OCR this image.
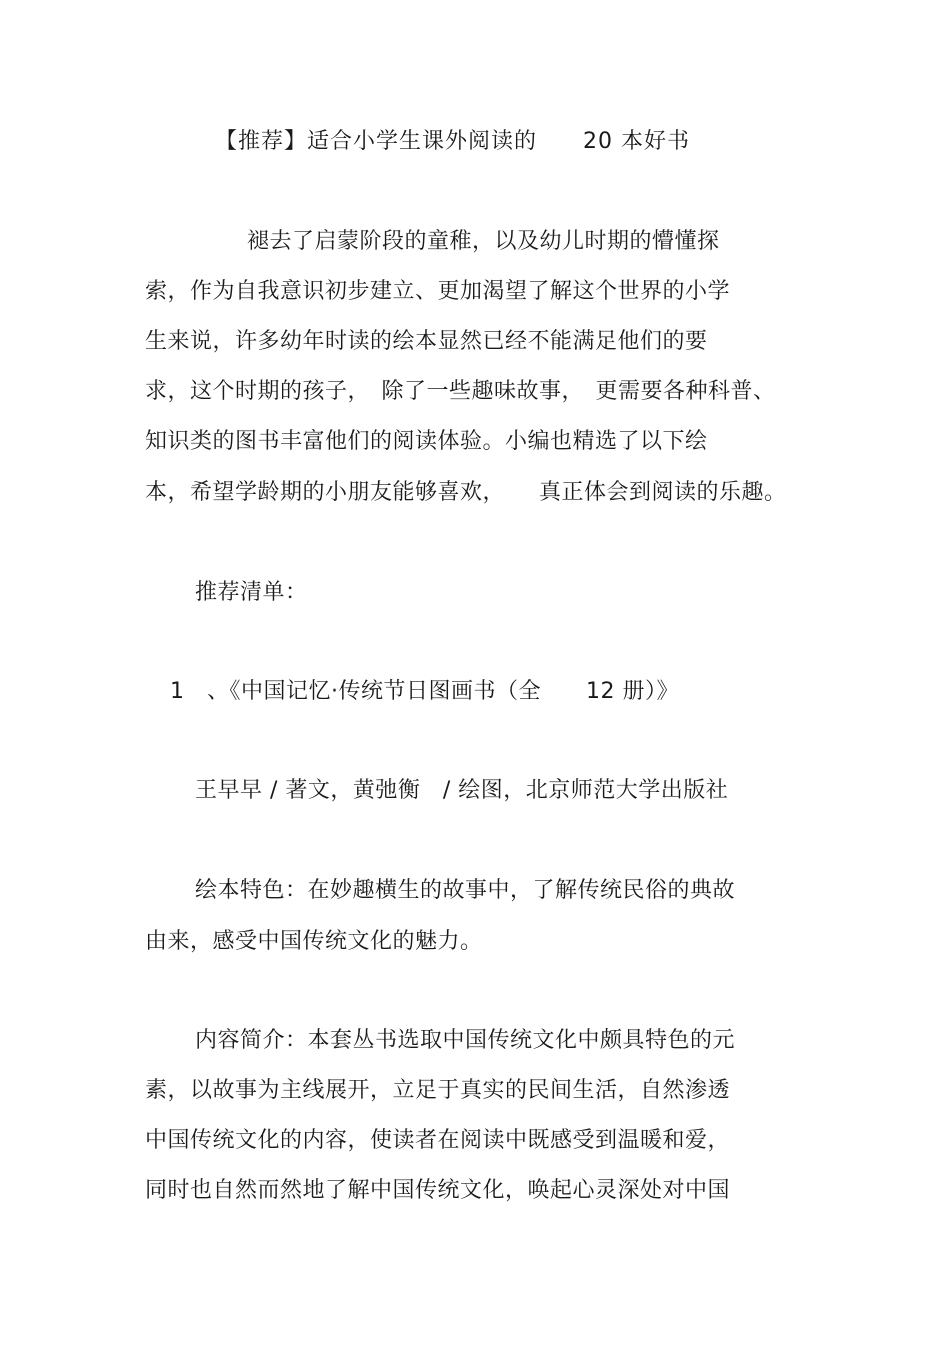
【推荐】适合小学生课外阅读的　　20 本好书
褪去了启蒙阶段的童稚，以及幼儿时期的懵懂探
索，作为自我意识初步建立、更加渴望了解这个世界的小学
生来说，许多幼年时读的绘本显然已经不能满足他们的要
求，这个时期的孩子，　除了一些趣味故事，　更需要各种科普、
知识类的图书丰富他们的阅读体验。小编也精选了以下绘
本，希望学龄期的小朋友能够喜欢，　　真正体会到阅读的乐趣。
推荐清单：
1　、《中国记忆·传统节日图画书（全　　12 册）》
王早早 / 著文，黄弛衡　/ 绘图，北京师范大学出版社
绘本特色：在妙趣横生的故事中，了解传统民俗的典故
由来，感受中国传统文化的魅力。
内容简介：本套丛书选取中国传统文化中颇具特色的元
素，以故事为主线展开，立足于真实的民间生活，自然渗透
中国传统文化的内容，使读者在阅读中既感受到温暖和爱，
同时也自然而然地了解中国传统文化，唤起心灵深处对中国
